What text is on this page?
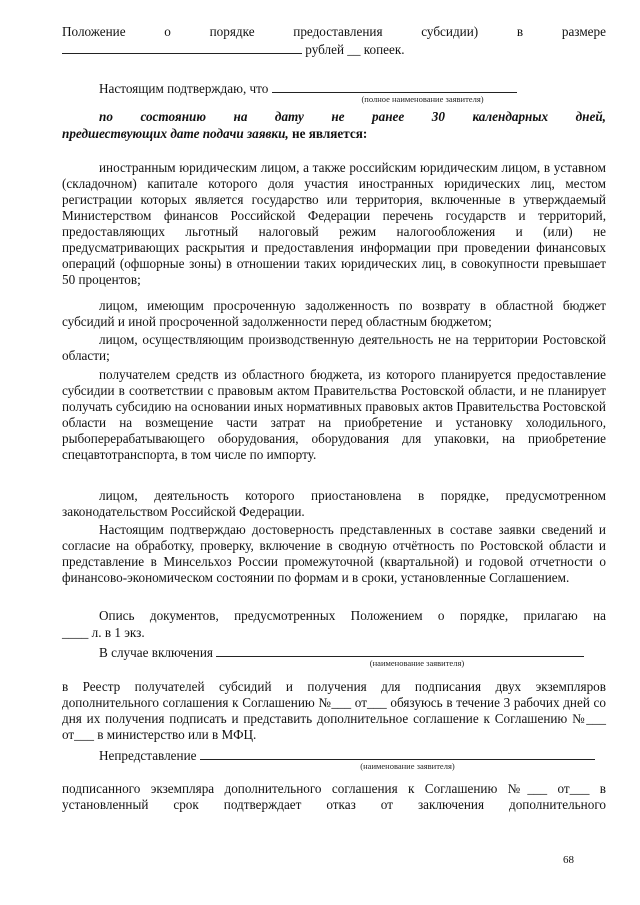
Положение	о	порядке	предоставления	субсидии)	в	размере
рублей __ копеек.
Настоящим подтверждаю, что
(полное наименование заявителя)
по состоянию на дату не ранее 30 календарных дней,
предшествующих дате подачи заявки, не является:
иностранным юридическим лицом, а также российским юридическим лицом, в уставном (складочном) капитале которого доля участия иностранных юридических лиц, местом регистрации которых является государство или территория, включенные в утверждаемый Министерством финансов Российской Федерации перечень государств и территорий, предоставляющих льготный налоговый режим налогообложения и (или) не предусматривающих раскрытия и предоставления информации при проведении финансовых операций (офшорные зоны) в отношении таких юридических лиц, в совокупности превышает 50 процентов;
лицом, имеющим просроченную задолженность по возврату в областной бюджет субсидий и иной просроченной задолженности перед областным бюджетом;
лицом, осуществляющим производственную деятельность не на территории Ростовской области;
получателем средств из областного бюджета, из которого планируется предоставление субсидии в соответствии с правовым актом Правительства Ростовской области, и не планирует получать субсидию на основании иных нормативных правовых актов Правительства Ростовской области на возмещение части затрат на приобретение и установку холодильного, рыбоперерабатывающего оборудования, оборудования для упаковки, на приобретение спецавтотранспорта, в том числе по импорту.
лицом, деятельность которого приостановлена в порядке, предусмотренном законодательством Российской Федерации.
Настоящим подтверждаю достоверность представленных в составе заявки сведений и согласие на обработку, проверку, включение в сводную отчётность по Ростовской области и представление в Минсельхоз России промежуточной (квартальной) и годовой отчетности о финансово-экономическом состоянии по формам и в сроки, установленные Соглашением.
Опись документов, предусмотренных Положением о порядке, прилагаю на
____ л. в 1 экз.
В случае включения
(наименование заявителя)
в Реестр получателей субсидий и получения для подписания двух экземпляров дополнительного соглашения к Соглашению №___ от___ обязуюсь в течение 3 рабочих дней со дня их получения подписать и представить дополнительное соглашение к Соглашению №___ от___ в министерство или в МФЦ.
Непредставление
(наименование заявителя)
подписанного экземпляра дополнительного соглашения к Соглашению №___ от___ в установленный срок подтверждает отказ от заключения дополнительного
68
